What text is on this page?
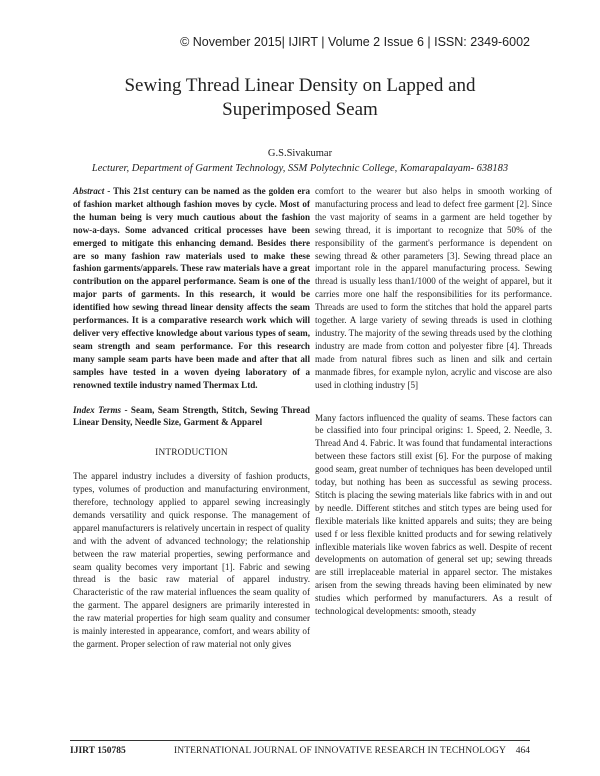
© November 2015| IJIRT | Volume 2 Issue 6 | ISSN: 2349-6002
Sewing Thread Linear Density on Lapped and
Superimposed Seam
G.S.Sivakumar
Lecturer, Department of Garment Technology, SSM Polytechnic College, Komarapalayam- 638183

Abstract - This 21st century can be named as the golden era of fashion market although fashion moves by cycle. Most of the human being is very much cautious about the fashion now-a-days. Some advanced critical processes have been emerged to mitigate this enhancing demand. Besides there are so many fashion raw materials used to make these fashion garments/apparels. These raw materials have a great contribution on the apparel performance. Seam is one of the major parts of garments. In this research, it would be identified how sewing thread linear density affects the seam performances. It is a comparative research work which will deliver very effective knowledge about various types of seam, seam strength and seam performance. For this research many sample seam parts have been made and after that all samples have tested in a woven dyeing laboratory of a renowned textile industry named Thermax Ltd.

Index Terms - Seam, Seam Strength, Stitch, Sewing Thread Linear Density, Needle Size, Garment & Apparel

INTRODUCTION

The apparel industry includes a diversity of fashion products, types, volumes of production and manufacturing environment, therefore, technology applied to apparel sewing increasingly demands versatility and quick response. The management of apparel manufacturers is relatively uncertain in respect of quality and with the advent of advanced technology; the relationship between the raw material properties, sewing performance and seam quality becomes very important [1]. Fabric and sewing thread is the basic raw material of apparel industry. Characteristic of the raw material influences the seam quality of the garment. The apparel designers are primarily interested in the raw material properties for high seam quality and consumer is mainly interested in appearance, comfort, and wears ability of the garment. Proper selection of raw material not only gives

comfort to the wearer but also helps in smooth working of manufacturing process and lead to defect free garment [2]. Since the vast majority of seams in a garment are held together by sewing thread, it is important to recognize that 50% of the responsibility of the garment's performance is dependent on sewing thread & other parameters [3]. Sewing thread place an important role in the apparel manufacturing process. Sewing thread is usually less than1/1000 of the weight of apparel, but it carries more one half the responsibilities for its performance. Threads are used to form the stitches that hold the apparel parts together. A large variety of sewing threads is used in clothing industry. The majority of the sewing threads used by the clothing industry are made from cotton and polyester fibre [4]. Threads made from natural fibres such as linen and silk and certain manmade fibres, for example nylon, acrylic and viscose are also used in clothing industry [5]

Many factors influenced the quality of seams. These factors can be classified into four principal origins: 1. Speed, 2. Needle, 3. Thread And 4. Fabric. It was found that fundamental interactions between these factors still exist [6]. For the purpose of making good seam, great number of techniques has been developed until today, but nothing has been as successful as sewing process. Stitch is placing the sewing materials like fabrics with in and out by needle. Different stitches and stitch types are being used for flexible materials like knitted apparels and suits; they are being used f or less flexible knitted products and for sewing relatively inflexible materials like woven fabrics as well. Despite of recent developments on automation of general set up; sewing threads are still irreplaceable material in apparel sector. The mistakes arisen from the sewing threads having been eliminated by new studies which performed by manufacturers. As a result of technological developments: smooth, steady

IJIRT 150785	INTERNATIONAL JOURNAL OF INNOVATIVE RESEARCH IN TECHNOLOGY 464
